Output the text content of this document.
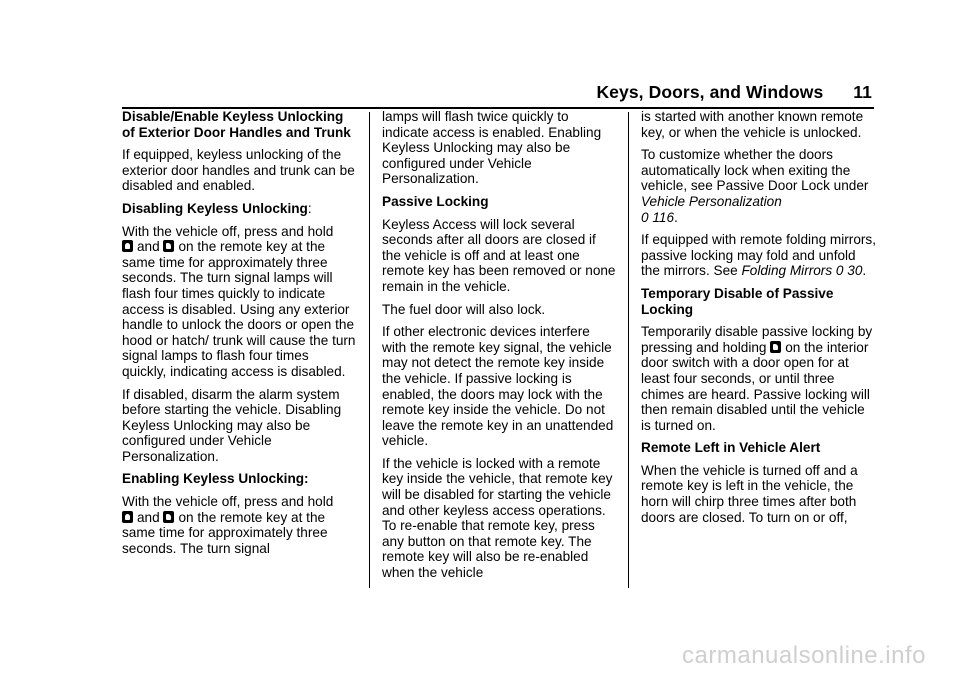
Keys, Doors, and Windows 11

Disable/Enable Keyless Unlocking of Exterior Door Handles and Trunk

If equipped, keyless unlocking of the exterior door handles and trunk can be disabled and enabled.

Disabling Keyless Unlocking:

With the vehicle off, press and hold

and on the remote key at the same time for approximately three seconds. The turn signal lamps will flash four times quickly to indicate access is disabled. Using any exterior handle to unlock the doors or open the hood or hatch/ trunk will cause the turn signal lamps to flash four times quickly, indicating access is disabled.

If disabled, disarm the alarm system before starting the vehicle. Disabling Keyless Unlocking may also be configured under Vehicle Personalization.

Enabling Keyless Unlocking:

With the vehicle off, press and hold

and on the remote key at the same time for approximately three seconds. The turn signal

lamps will flash twice quickly to indicate access is enabled. Enabling Keyless Unlocking may also be configured under Vehicle Personalization.

Passive Locking

Keyless Access will lock several seconds after all doors are closed if the vehicle is off and at least one remote key has been removed or none remain in the vehicle.

The fuel door will also lock.

If other electronic devices interfere with the remote key signal, the vehicle may not detect the remote key inside the vehicle. If passive locking is enabled, the doors may lock with the remote key inside the vehicle. Do not leave the remote key in an unattended vehicle.

If the vehicle is locked with a remote key inside the vehicle, that remote key will be disabled for starting the vehicle and other keyless access operations. To re-enable that remote key, press any button on that remote key. The remote key will also be re-enabled when the vehicle

is started with another known remote key, or when the vehicle is unlocked.

To customize whether the doors automatically lock when exiting the vehicle, see Passive Door Lock under Vehicle Personalization
0 116.

If equipped with remote folding mirrors, passive locking may fold and unfold the mirrors. See Folding Mirrors 0 30.

Temporary Disable of Passive Locking

Temporarily disable passive locking by pressing and holding on the interior door switch with a door open for at least four seconds, or until three chimes are heard. Passive locking will then remain disabled until the vehicle is turned on.

Remote Left in Vehicle Alert

When the vehicle is turned off and a remote key is left in the vehicle, the horn will chirp three times after both doors are closed. To turn on or off,

carmanualsonline.info
